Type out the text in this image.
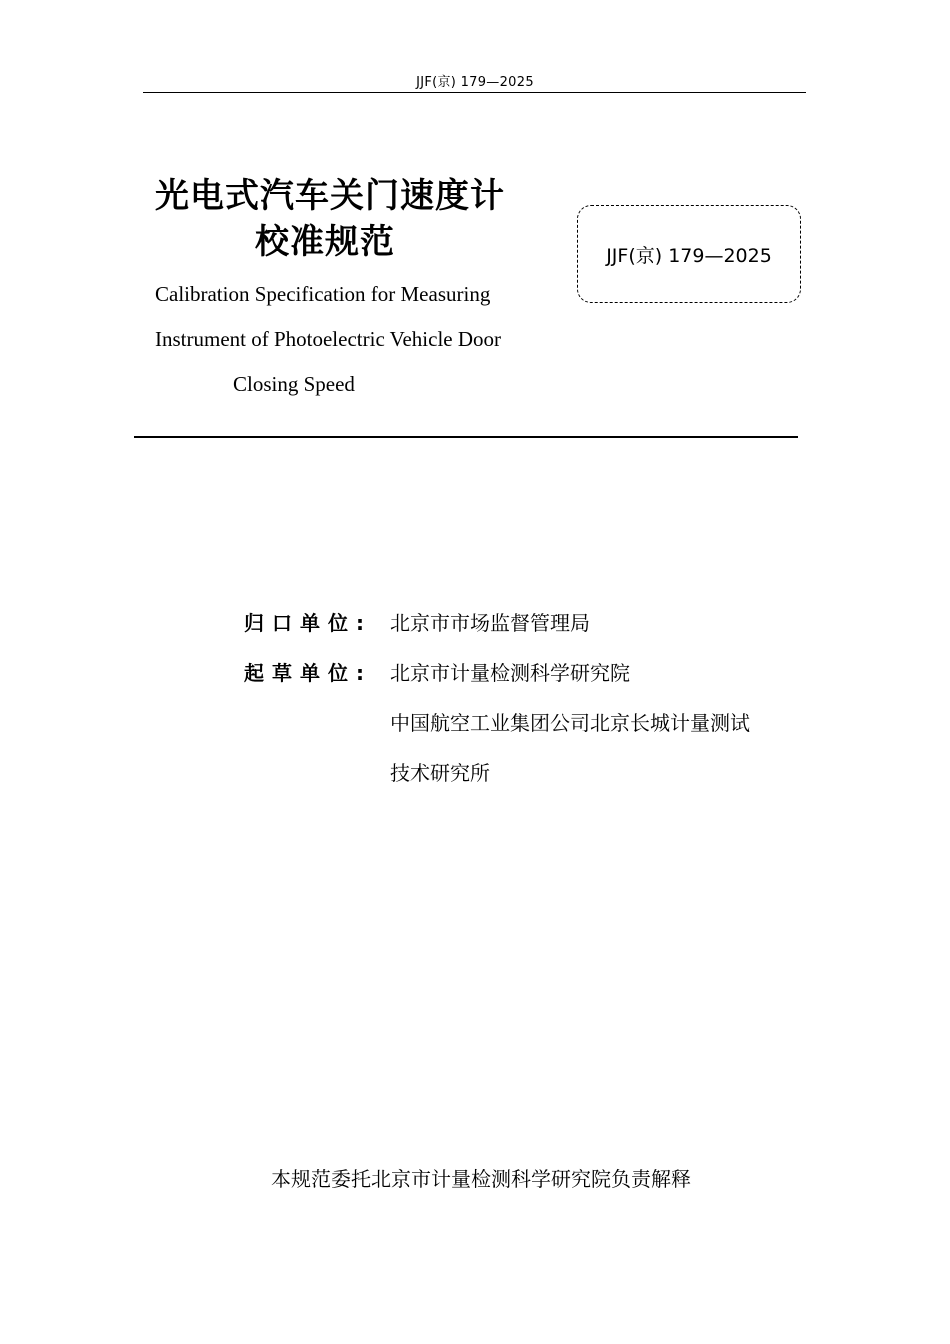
JJF(京) 179—2025
光电式汽车关门速度计
校准规范	JJF(京) 179—2025
Calibration Specification for Measuring
Instrument of Photoelectric Vehicle Door
Closing Speed
归口单位: 北京市市场监督管理局
起草单位: 北京市计量检测科学研究院
中国航空工业集团公司北京长城计量测试
技术研究所
本规范委托北京市计量检测科学研究院负责解释
